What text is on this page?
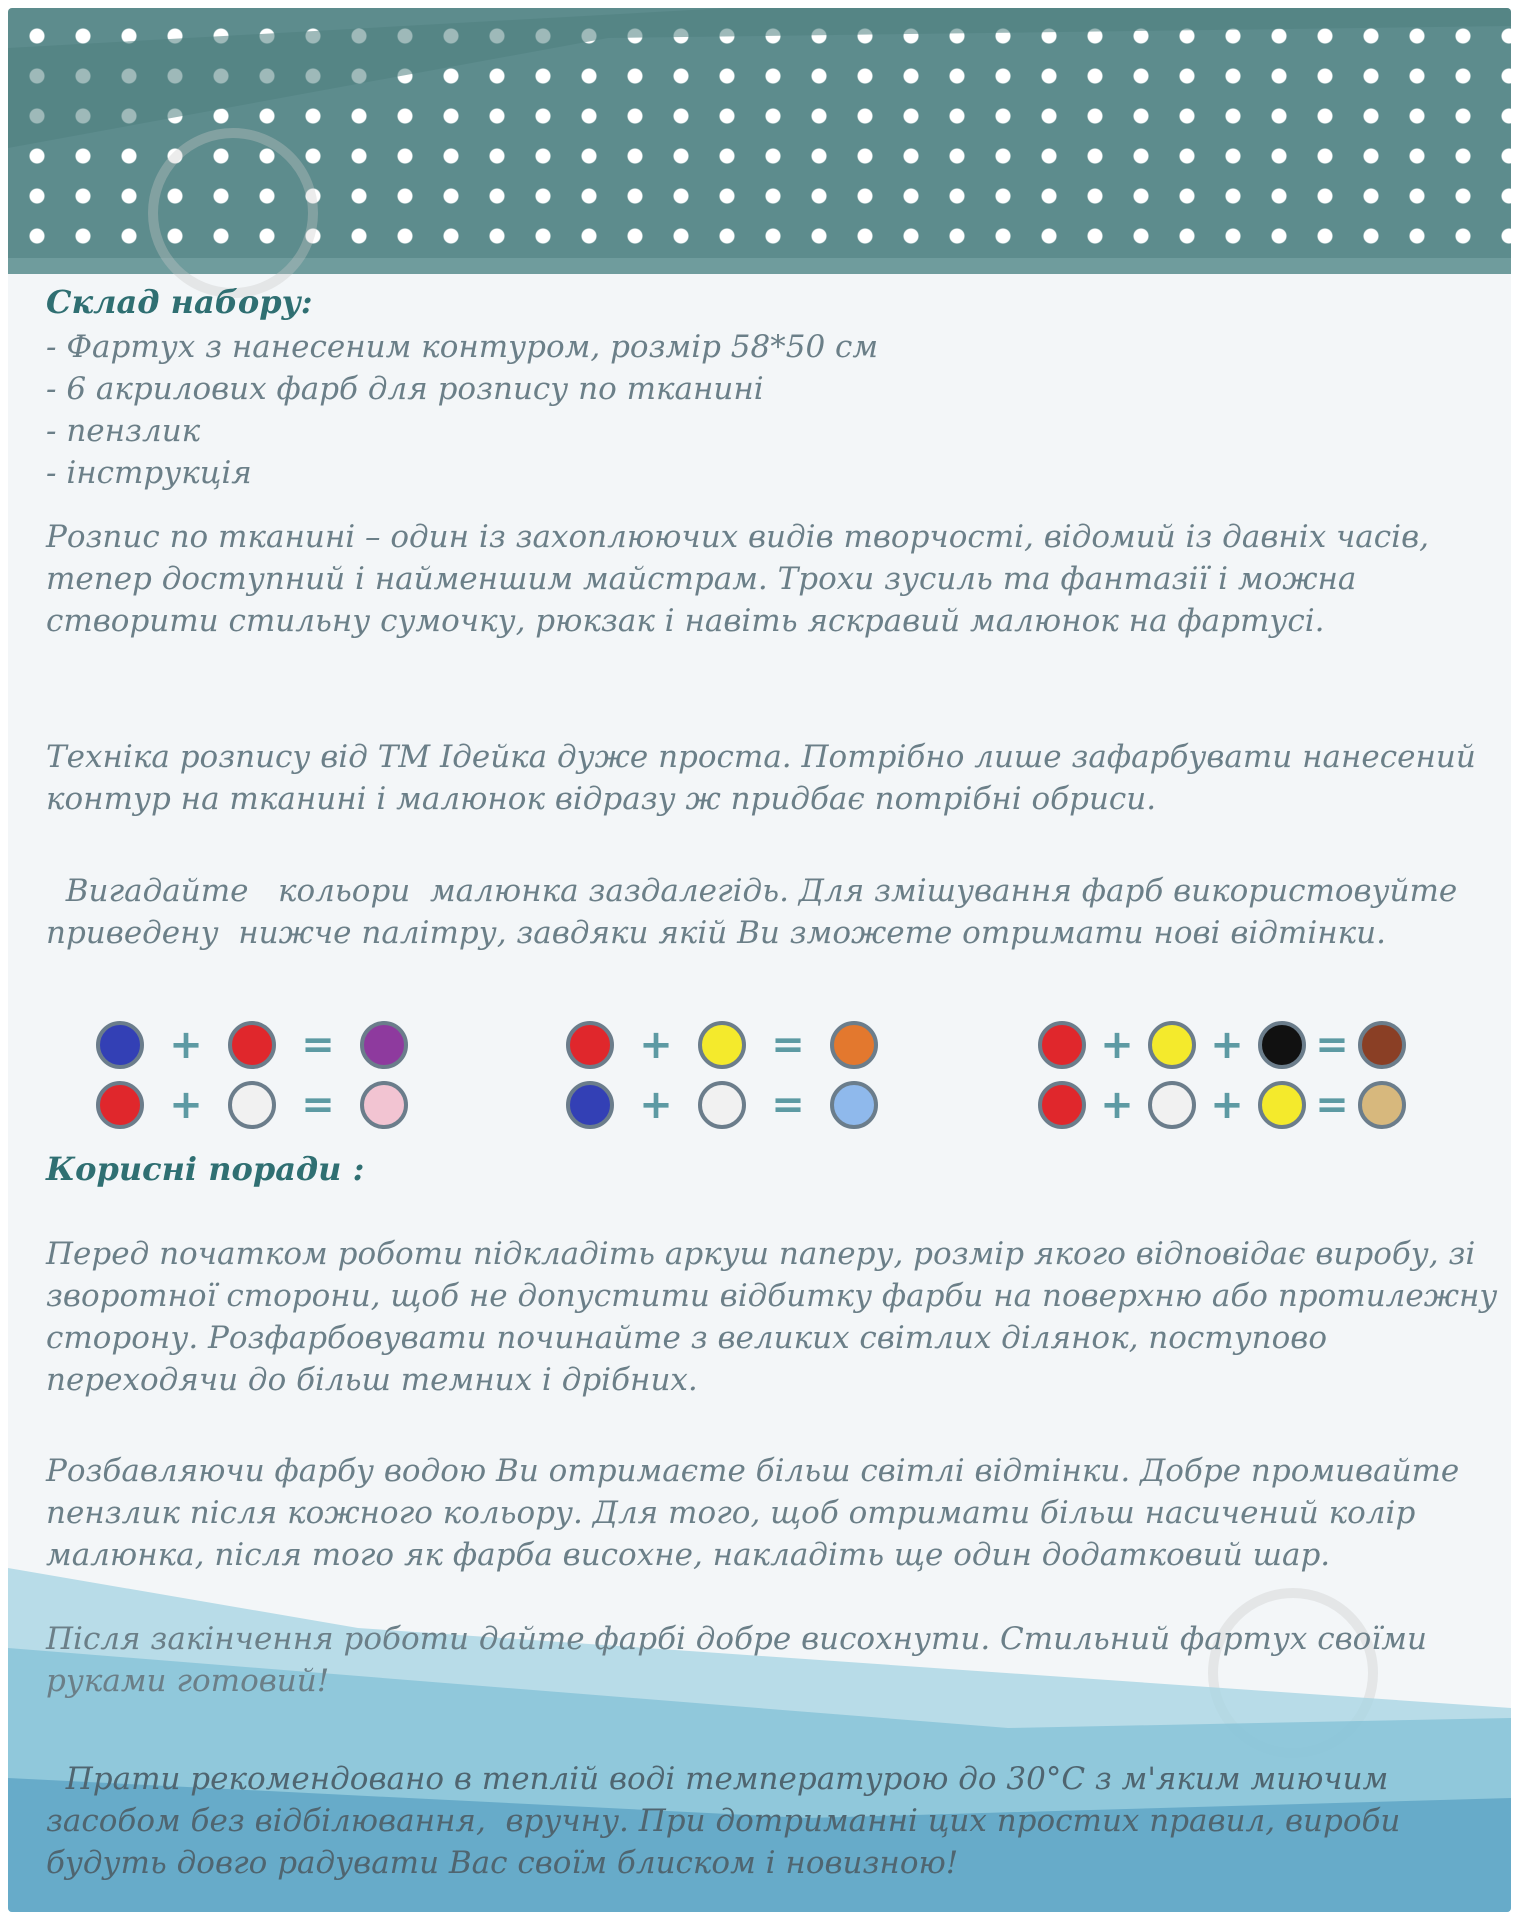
Склад набору:

- Фартух з нанесеним контуром, розмір 58*50 см

- 6 акрилових фарб для розпису по тканині

- пензлик

- інструкція

Розпис по тканині – один із захоплюючих видів творчості, відомий із давніх часів, тепер доступний і найменшим майстрам. Трохи зусиль та фантазії і можна створити стильну сумочку, рюкзак і навіть яскравий малюнок на фартусі.
Техніка розпису від ТМ Ідейка дуже проста. Потрібно лише зафарбувати нанесений контур на тканині і малюнок відразу ж придбає потрібні обриси.
Вигадайте   кольори  малюнка заздалегідь. Для змішування фарб використовуйте  приведену  нижче палітру, завдяки якій Ви зможете отримати нові відтінки.
+	=
+	=
+	=
+	=
+	+	=
+	+	=
Корисні поради :
Перед початком роботи підкладіть аркуш паперу, розмір якого відповідає виробу, зі зворотної сторони, щоб не допустити відбитку фарби на поверхню або протилежну сторону. Розфарбовувати починайте з великих світлих ділянок, поступово переходячи до більш темних і дрібних.
Розбавляючи фарбу водою Ви отримаєте більш світлі відтінки. Добре промивайте пензлик після кожного кольору. Для того, щоб отримати більш насичений колір малюнка, після того як фарба висохне, накладіть ще один додатковий шар.
Після закінчення роботи дайте фарбі добре висохнути. Стильний фартух своїми руками готовий!
Прати рекомендовано в теплій воді температурою до 30°С з м'яким миючим засобом без відбілювання,  вручну. При дотриманні цих простих правил, вироби будуть довго радувати Вас своїм блиском і новизною!
